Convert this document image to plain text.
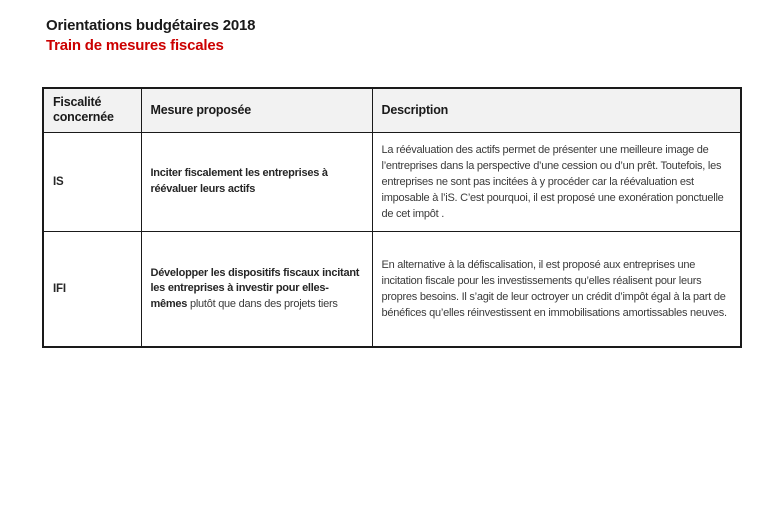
Orientations budgétaires 2018
Train de mesures fiscales
Fiscalité concernée	Mesure proposée	Description
IS	Inciter fiscalement les entreprises à réévaluer leurs actifs	La réévaluation des actifs permet de présenter une meilleure image de l’entreprises dans la perspective d’une cession ou d’un prêt. Toutefois, les entreprises ne sont pas incitées à y procéder car la réévaluation est imposable à l’iS. C’est pourquoi, il est proposé une exonération ponctuelle de cet impôt .
IFI	Développer les dispositifs fiscaux incitant les entreprises à investir pour elles-mêmes plutôt que dans des projets tiers	En alternative à la défiscalisation, il est proposé aux entreprises une incitation fiscale pour les investissements qu’elles réalisent pour leurs propres besoins. Il s’agit de leur octroyer un crédit d’impôt égal à la part de bénéfices qu’elles réinvestissent en immobilisations amortissables neuves.
